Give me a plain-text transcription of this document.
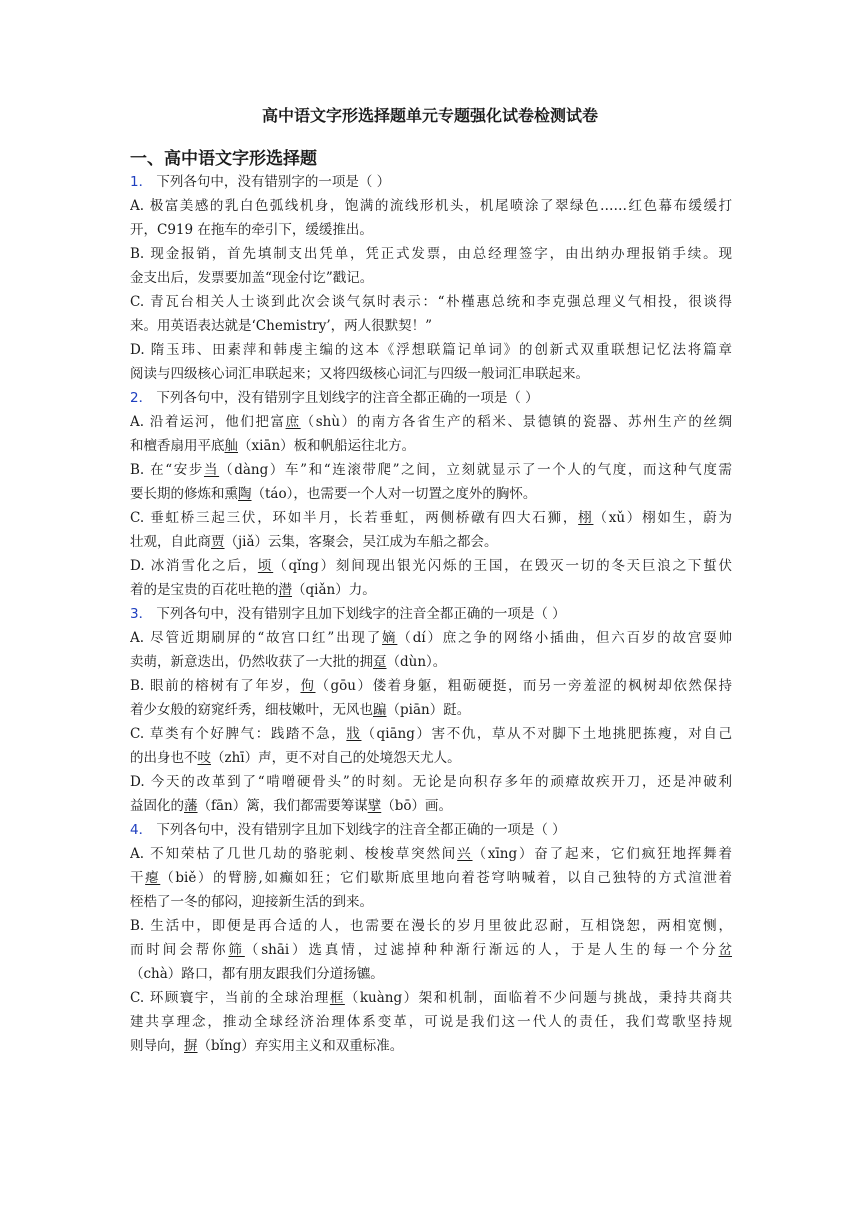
高中语文字形选择题单元专题强化试卷检测试卷
一、高中语文字形选择题
1． 下列各句中，没有错别字的一项是（ ）
A. 极富美感的乳白色弧线机身，饱满的流线形机头，机尾喷涂了翠绿色……红色幕布缓缓打
开，C919 在拖车的牵引下，缓缓推出。
B. 现金报销，首先填制支出凭单，凭正式发票，由总经理签字，由出纳办理报销手续。现
金支出后，发票要加盖“现金付讫”戳记。
C. 青瓦台相关人士谈到此次会谈气氛时表示：“朴槿惠总统和李克强总理义气相投，很谈得
来。用英语表达就是‘Chemistry’，两人很默契！”
D. 隋玉玮、田素萍和韩虔主编的这本《浮想联篇记单词》的创新式双重联想记忆法将篇章
阅读与四级核心词汇串联起来；又将四级核心词汇与四级一般词汇串联起来。
2． 下列各句中，没有错别字且划线字的注音全都正确的一项是（ ）
A. 沿着运河，他们把富庶（shù）的南方各省生产的稻米、景德镇的瓷器、苏州生产的丝绸
和檀香扇用平底舢（xiān）板和帆船运往北方。
B. 在“安步当（dàng）车”和“连滚带爬”之间，立刻就显示了一个人的气度，而这种气度需
要长期的修炼和熏陶（táo），也需要一个人对一切置之度外的胸怀。
C. 垂虹桥三起三伏，环如半月，长若垂虹，两侧桥礅有四大石狮，栩（xǔ）栩如生，蔚为
壮观，自此商贾（jiǎ）云集，客聚会，吴江成为车船之都会。
D. 冰消雪化之后，顷（qǐng）刻间现出银光闪烁的王国，在毁灭一切的冬天巨浪之下蜇伏
着的是宝贵的百花吐艳的潜（qiǎn）力。
3． 下列各句中，没有错别字且加下划线字的注音全都正确的一项是（ ）
A. 尽管近期刷屏的“故宫口红”出现了嫡（dí）庶之争的网络小插曲，但六百岁的故宫耍帅
卖萌，新意迭出，仍然收获了一大批的拥趸（dùn）。
B. 眼前的榕树有了年岁，佝（gōu）偻着身躯，粗砺硬挺，而另一旁羞涩的枫树却依然保持
着少女般的窈窕纤秀，细枝嫩叶，无风也蹁（piān）跹。
C. 草类有个好脾气：践踏不急，戕（qiāng）害不仇，草从不对脚下土地挑肥拣瘦，对自己
的出身也不吱（zhī）声，更不对自己的处境怨天尤人。
D. 今天的改革到了“啃噌硬骨头”的时刻。无论是向积存多年的顽瘴故疾开刀，还是冲破利
益固化的藩（fān）篱，我们都需要筹谋擘（bō）画。
4． 下列各句中，没有错别字且加下划线字的注音全都正确的一项是（ ）
A. 不知荣枯了几世几劫的骆驼刺、梭梭草突然间兴（xīng）奋了起来，它们疯狂地挥舞着
干瘪（biě）的臂膀,如癫如狂；它们歇斯底里地向着苍穹呐喊着，以自己独特的方式渲泄着
桎梏了一冬的郁闷，迎接新生活的到来。
B. 生活中，即便是再合适的人，也需要在漫长的岁月里彼此忍耐，互相饶恕，两相宽恻，
而时间会帮你筛（shāi）选真情，过滤掉种种渐行渐远的人，于是人生的每一个分岔
（chà）路口，都有朋友跟我们分道扬镳。
C. 环顾寰宇，当前的全球治理框（kuàng）架和机制，面临着不少问题与挑战，秉持共商共
建共享理念，推动全球经济治理体系变革，可说是我们这一代人的责任，我们莺歌坚持规
则导向，摒（bǐng）弃实用主义和双重标准。
